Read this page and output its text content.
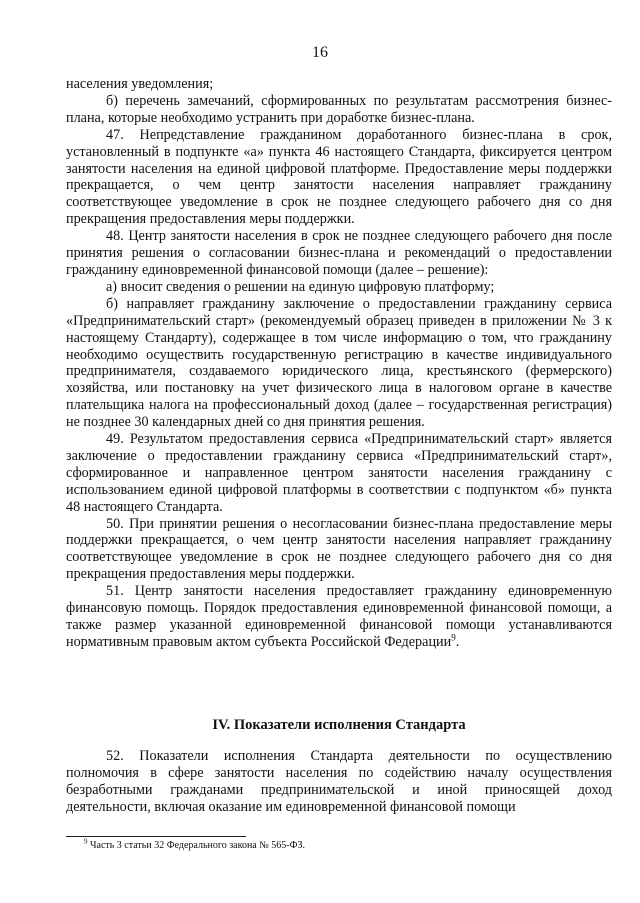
16

населения уведомления;

б) перечень замечаний, сформированных по результатам рассмотрения бизнес- плана, которые необходимо устранить при доработке бизнес-плана.

47. Непредставление гражданином доработанного бизнес-плана в срок, установленный в подпункте «а» пункта 46 настоящего Стандарта, фиксируется центром занятости населения на единой цифровой платформе. Предоставление меры поддержки прекращается, о чем центр занятости населения направляет гражданину соответствующее уведомление в срок не позднее следующего рабочего дня со дня прекращения предоставления меры поддержки.

48. Центр занятости населения в срок не позднее следующего рабочего дня после принятия решения о согласовании бизнес-плана и рекомендаций о предоставлении гражданину единовременной финансовой помощи (далее – решение):

а) вносит сведения о решении на единую цифровую платформу;

б) направляет гражданину заключение о предоставлении гражданину сервиса «Предпринимательский старт» (рекомендуемый образец приведен в приложении № 3 к настоящему Стандарту), содержащее в том числе информацию о том, что гражданину необходимо осуществить государственную регистрацию в качестве индивидуального предпринимателя, создаваемого юридического лица, крестьянского (фермерского) хозяйства, или постановку на учет физического лица в налоговом органе в качестве плательщика налога на профессиональный доход (далее – государственная регистрация) не позднее 30 календарных дней со дня принятия решения.

49. Результатом предоставления сервиса «Предпринимательский старт» является заключение о предоставлении гражданину сервиса «Предпринимательский старт», сформированное и направленное центром занятости населения гражданину с использованием единой цифровой платформы в соответствии с подпунктом «б» пункта 48 настоящего Стандарта.

50. При принятии решения о несогласовании бизнес-плана предоставление меры поддержки прекращается, о чем центр занятости населения направляет гражданину соответствующее уведомление в срок не позднее следующего рабочего дня со дня прекращения предоставления меры поддержки.

51. Центр занятости населения предоставляет гражданину единовременную финансовую помощь. Порядок предоставления единовременной финансовой помощи, а также размер указанной единовременной финансовой помощи устанавливаются нормативным правовым актом субъекта Российской Федерации$^9$.

IV. Показатели исполнения Стандарта

52. Показатели исполнения Стандарта деятельности по осуществлению полномочия в сфере занятости населения по содействию началу осуществления безработными гражданами предпринимательской и иной приносящей доход деятельности, включая оказание им единовременной финансовой помощи

$^9$ Часть 3 статьи 32 Федерального закона № 565-ФЗ.
